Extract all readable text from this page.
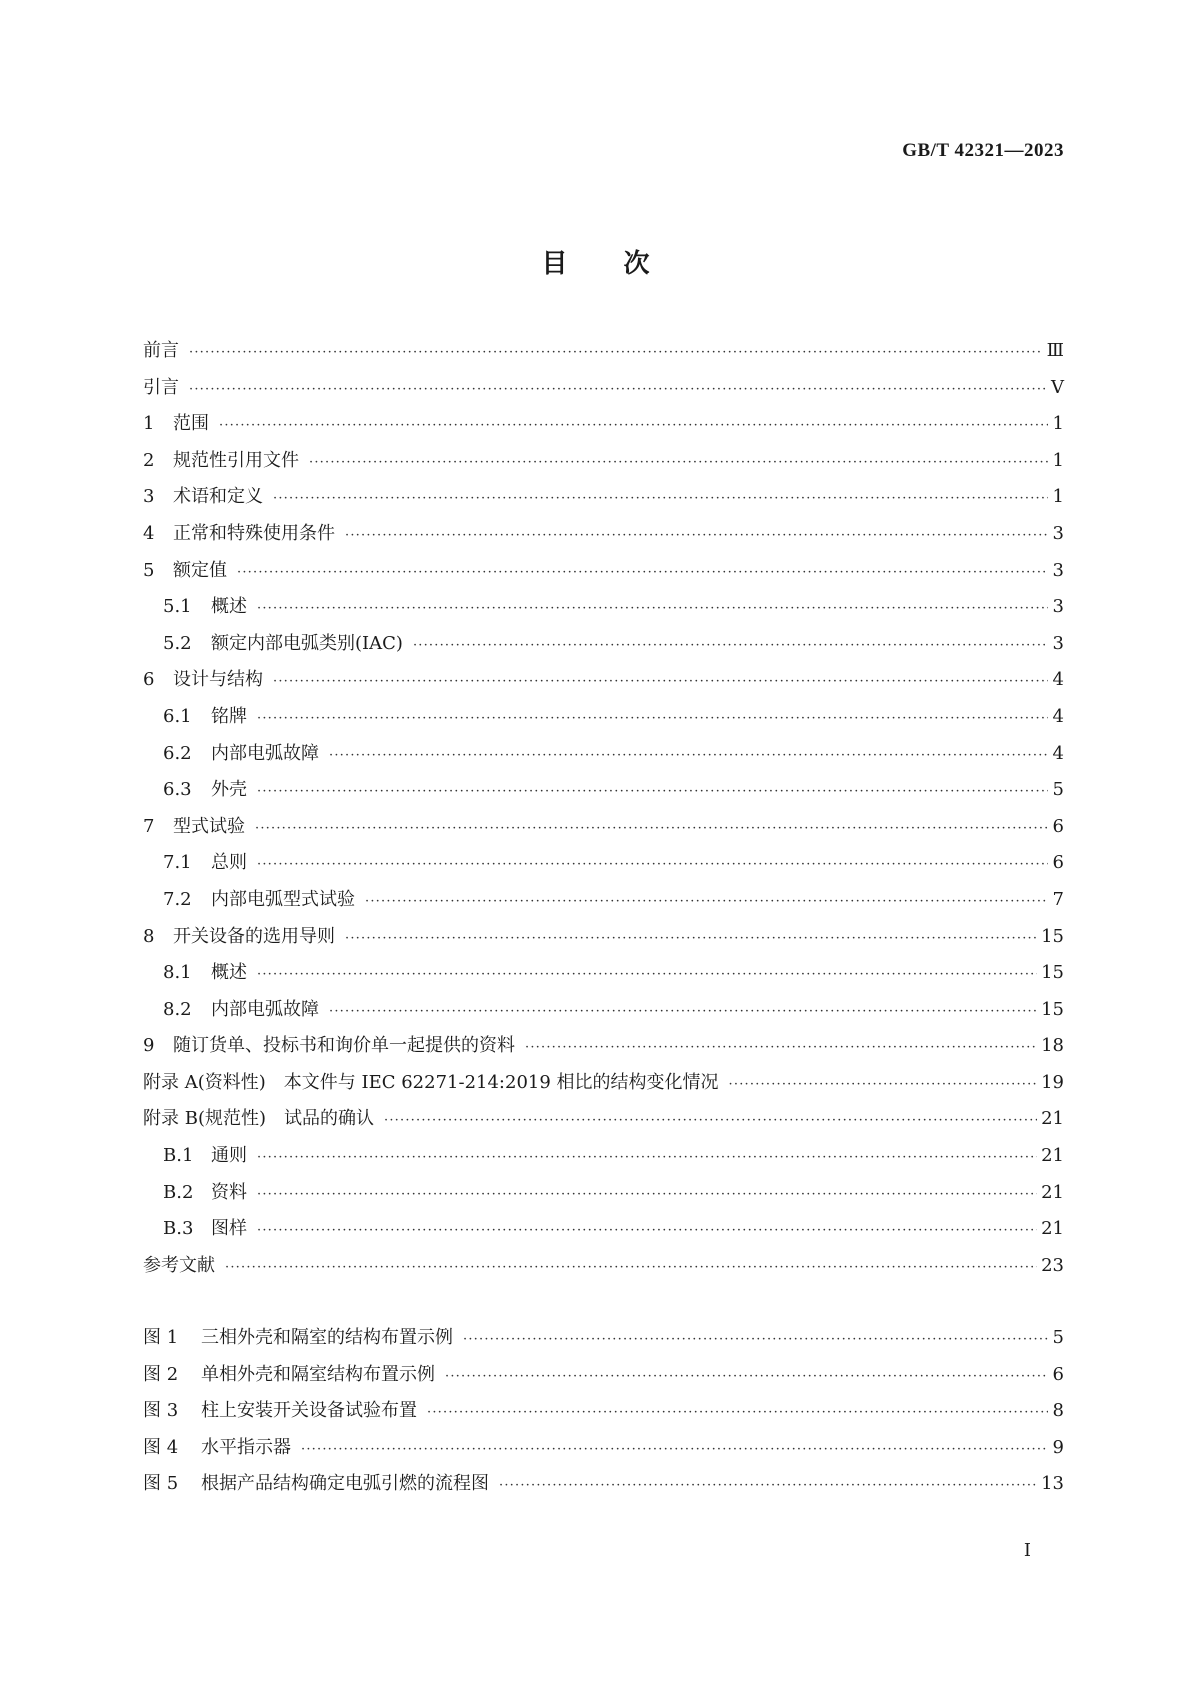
GB/T 42321—2023
目次
前言 ·····	Ⅲ
引言 ·····	Ⅴ
1	范围 ·····	1
2	规范性引用文件 ·····	1
3	术语和定义 ·····	1
4	正常和特殊使用条件 ·····	3
5	额定值 ·····	3
5.1	概述 ·····	3
5.2	额定内部电弧类别(IAC) ·····	3
6	设计与结构 ·····	4
6.1	铭牌 ·····	4
6.2	内部电弧故障 ·····	4
6.3	外壳 ·····	5
7	型式试验 ·····	6
7.1	总则 ·····	6
7.2	内部电弧型式试验 ·····	7
8	开关设备的选用导则 ·····	15
8.1	概述 ·····	15
8.2	内部电弧故障 ·····	15
9	随订货单、投标书和询价单一起提供的资料 ·····	18
附录 A(资料性)　本文件与 IEC 62271-214:2019 相比的结构变化情况 ·····	19
附录 B(规范性)　试品的确认 ·····	21
B.1 通则 ·····	21
B.2 资料 ·····	21
B.3 图样 ·····	21
参考文献 ·····	23
图 1	三相外壳和隔室的结构布置示例 ·····	5
图 2	单相外壳和隔室结构布置示例 ·····	6
图 3	柱上安装开关设备试验布置 ·····	8
图 4	水平指示器 ·····	9
图 5	根据产品结构确定电弧引燃的流程图 ·····	13
Ⅰ
